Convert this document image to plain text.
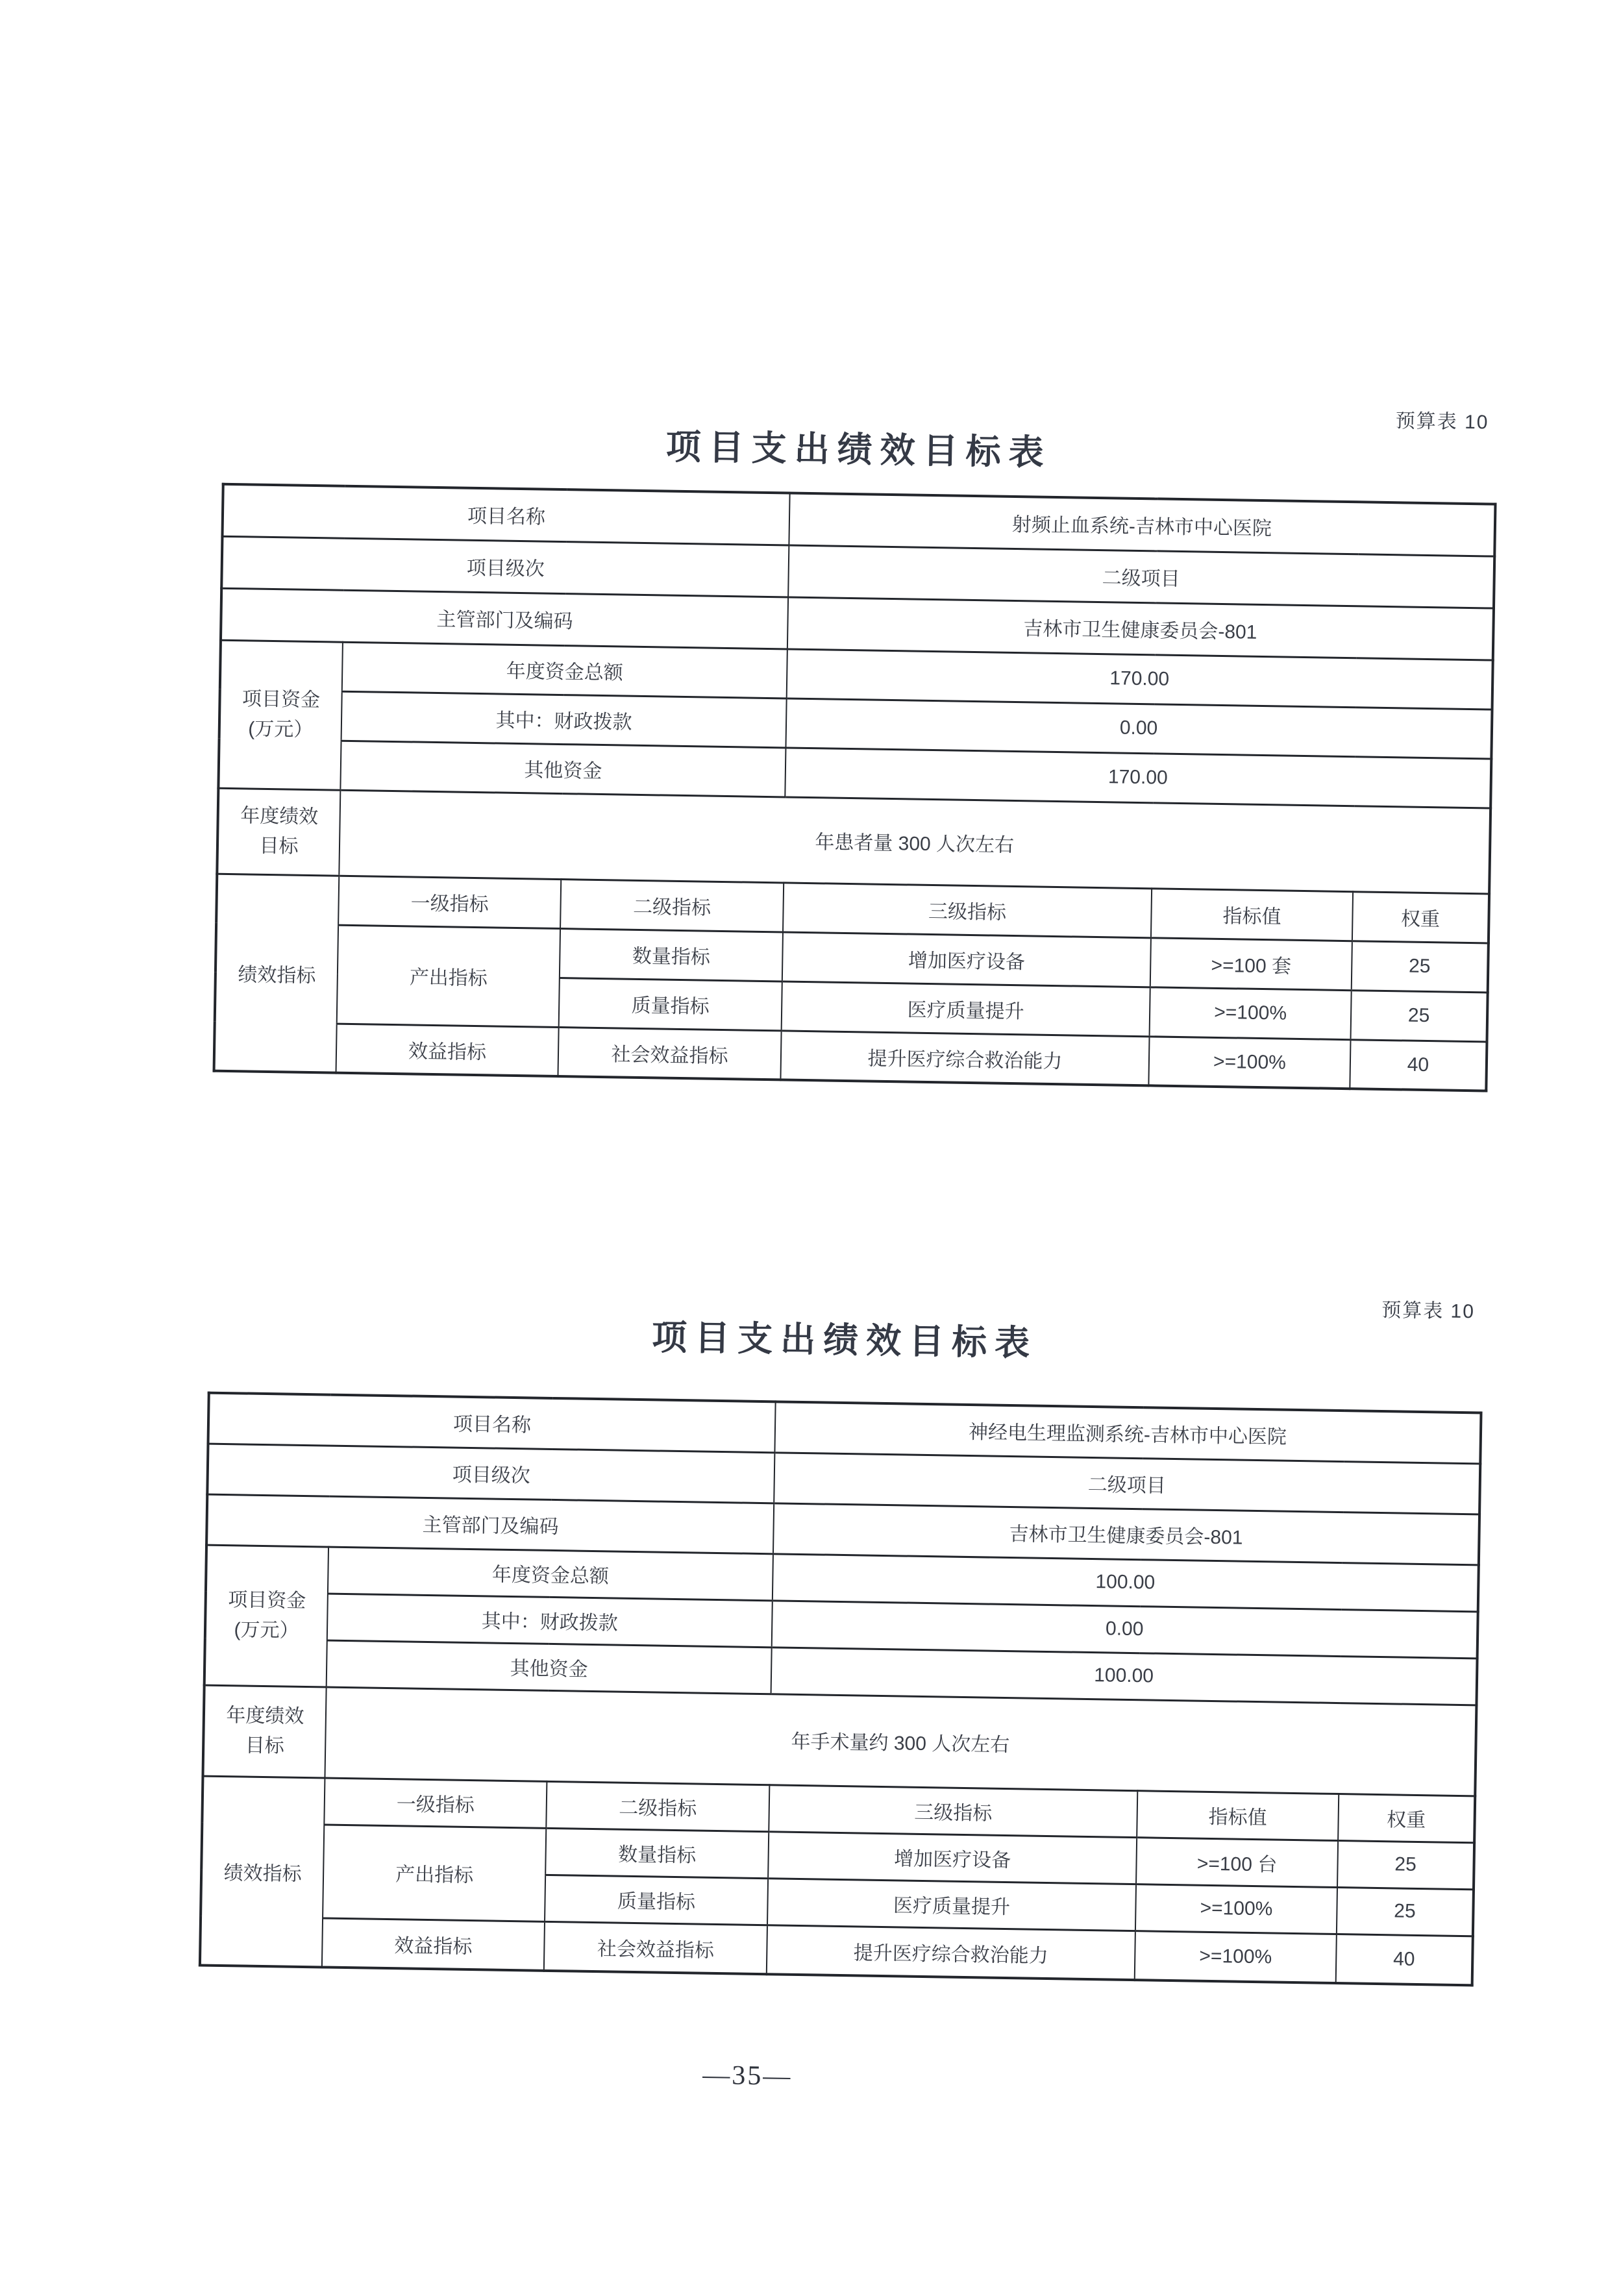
预算表 10
项目支出绩效目标表
项目名称			射频止血系统-吉林市中心医院		
项目级次			二级项目		
主管部门及编码			吉林市卫生健康委员会-801		
项目资金
(万元）	年度资金总额		170.00		
	其中：财政拨款		0.00		
	其他资金		170.00		
年度绩效
目标	年患者量 300 人次左右				
绩效指标	一级指标	二级指标	三级指标	指标值	权重
	产出指标	数量指标	增加医疗设备	>=100 套	25
		质量指标	医疗质量提升	>=100%	25
	效益指标	社会效益指标	提升医疗综合救治能力	>=100%	40
预算表 10
项目支出绩效目标表
项目名称			神经电生理监测系统-吉林市中心医院		
项目级次			二级项目		
主管部门及编码			吉林市卫生健康委员会-801		
项目资金
(万元）	年度资金总额		100.00		
	其中：财政拨款		0.00		
	其他资金		100.00		
年度绩效
目标	年手术量约 300 人次左右				
绩效指标	一级指标	二级指标	三级指标	指标值	权重
	产出指标	数量指标	增加医疗设备	>=100 台	25
		质量指标	医疗质量提升	>=100%	25
	效益指标	社会效益指标	提升医疗综合救治能力	>=100%	40
—35—
